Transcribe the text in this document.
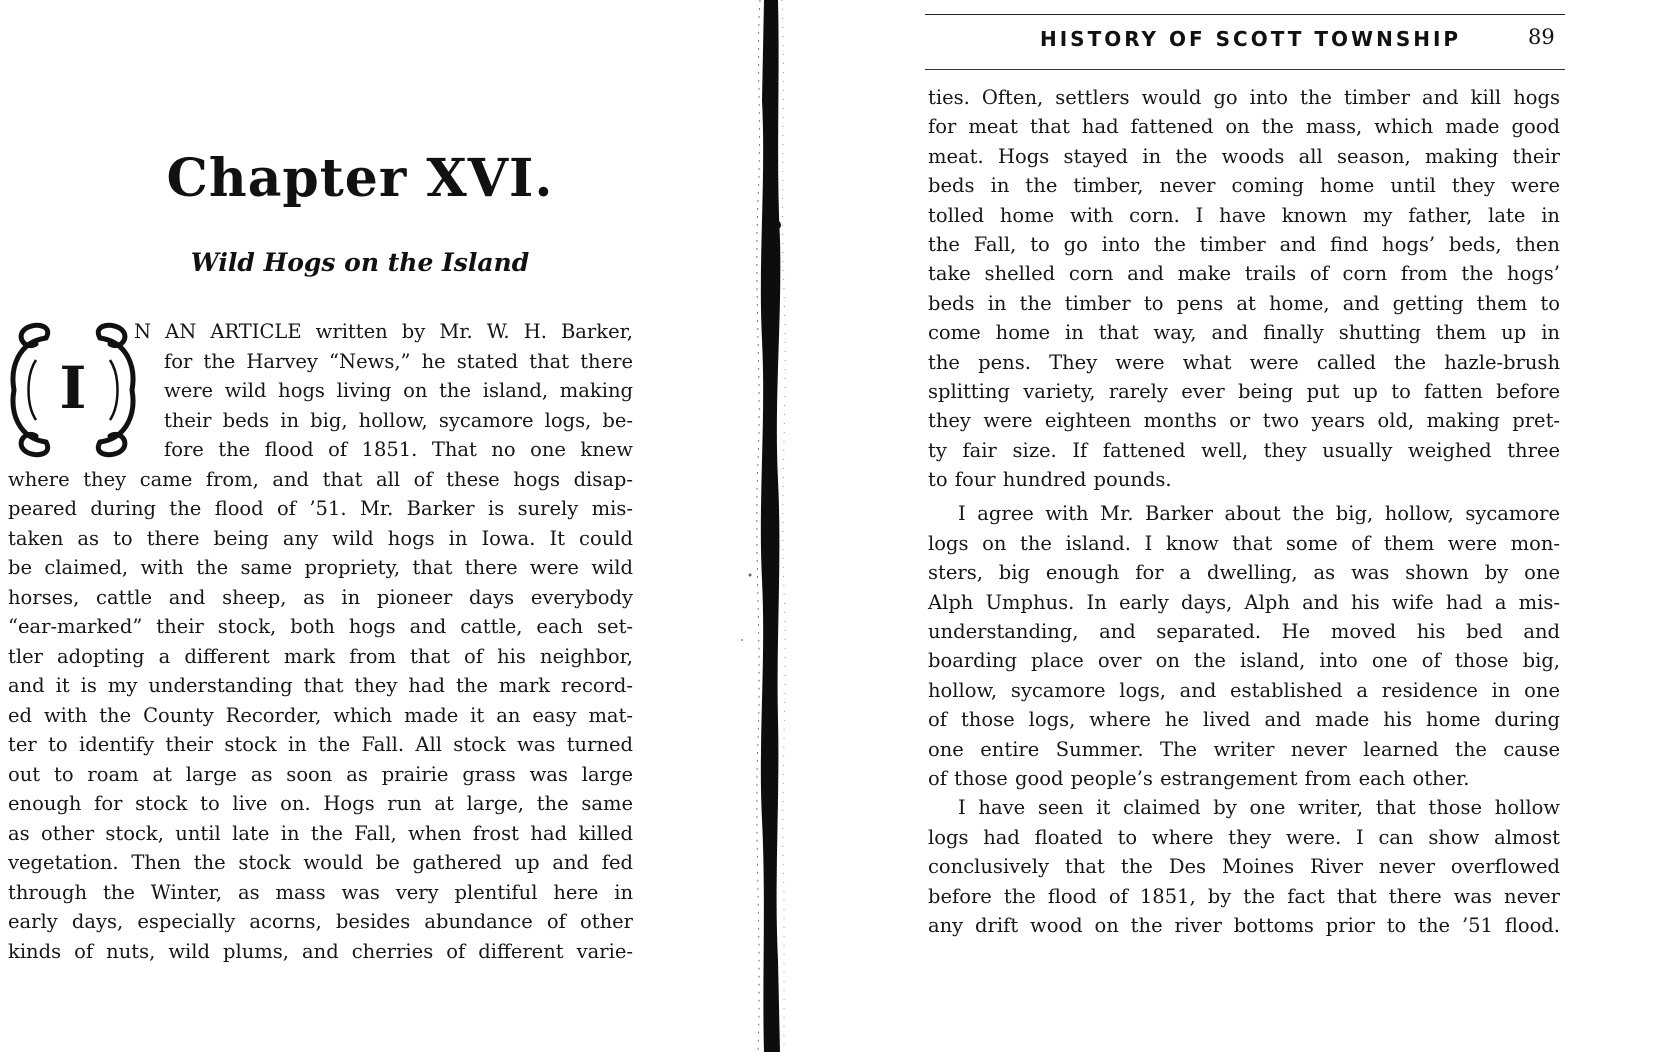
Chapter XVI.
Wild Hogs on the Island
I
N AN ARTICLE written by Mr. W. H. Barker,
for the Harvey “News,” he stated that there
were wild hogs living on the island, making
their beds in big, hollow, sycamore logs, be-
fore the flood of 1851. That no one knew
where they came from, and that all of these hogs disap-
peared during the flood of ’51. Mr. Barker is surely mis-
taken as to there being any wild hogs in Iowa. It could
be claimed, with the same propriety, that there were wild
horses, cattle and sheep, as in pioneer days everybody
“ear-marked” their stock, both hogs and cattle, each set-
tler adopting a different mark from that of his neighbor,
and it is my understanding that they had the mark record-
ed with the County Recorder, which made it an easy mat-
ter to identify their stock in the Fall. All stock was turned
out to roam at large as soon as prairie grass was large
enough for stock to live on. Hogs run at large, the same
as other stock, until late in the Fall, when frost had killed
vegetation. Then the stock would be gathered up and fed
through the Winter, as mass was very plentiful here in
early days, especially acorns, besides abundance of other
kinds of nuts, wild plums, and cherries of different varie-
HISTORY OF SCOTT TOWNSHIP	89
ties. Often, settlers would go into the timber and kill hogs
for meat that had fattened on the mass, which made good
meat. Hogs stayed in the woods all season, making their
beds in the timber, never coming home until they were
tolled home with corn. I have known my father, late in
the Fall, to go into the timber and find hogs’ beds, then
take shelled corn and make trails of corn from the hogs’
beds in the timber to pens at home, and getting them to
come home in that way, and finally shutting them up in
the pens. They were what were called the hazle-brush
splitting variety, rarely ever being put up to fatten before
they were eighteen months or two years old, making pret-
ty fair size. If fattened well, they usually weighed three
to four hundred pounds.
I agree with Mr. Barker about the big, hollow, sycamore
logs on the island. I know that some of them were mon-
sters, big enough for a dwelling, as was shown by one
Alph Umphus. In early days, Alph and his wife had a mis-
understanding, and separated. He moved his bed and
boarding place over on the island, into one of those big,
hollow, sycamore logs, and established a residence in one
of those logs, where he lived and made his home during
one entire Summer. The writer never learned the cause
of those good people’s estrangement from each other.
I have seen it claimed by one writer, that those hollow
logs had floated to where they were. I can show almost
conclusively that the Des Moines River never overflowed
before the flood of 1851, by the fact that there was never
any drift wood on the river bottoms prior to the ’51 flood.
